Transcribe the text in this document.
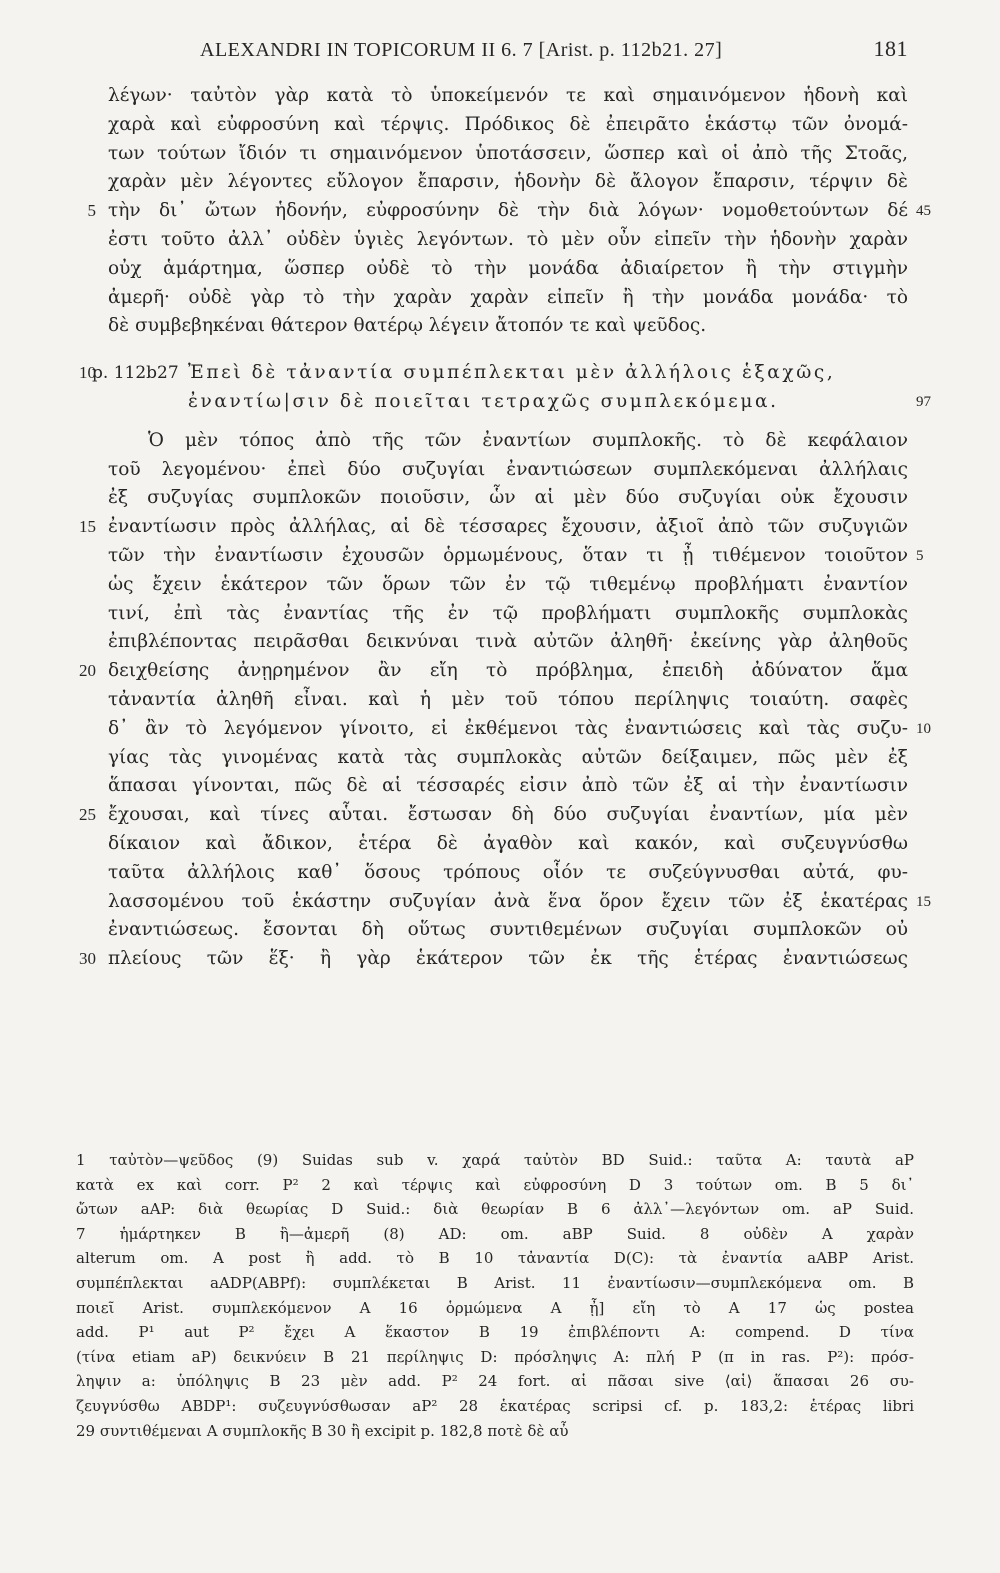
ALEXANDRI IN TOPICORUM II 6. 7 [Arist. p. 112b21. 27]	181
λέγων· ταὐτὸν γὰρ κατὰ τὸ ὑποκείμενόν τε καὶ σημαινόμενον ἡδονὴ καὶ
χαρὰ καὶ εὐφροσύνη καὶ τέρψις. Πρόδικος δὲ ἐπειρᾶτο ἑκάστῳ τῶν ὀνομά-
των τούτων ἴδιόν τι σημαινόμενον ὑποτάσσειν, ὥσπερ καὶ οἱ ἀπὸ τῆς Στοᾶς,
χαρὰν μὲν λέγοντες εὔλογον ἔπαρσιν, ἡδονὴν δὲ ἄλογον ἔπαρσιν, τέρψιν δὲ
5 τὴν δι᾽ ὤτων ἡδονήν, εὐφροσύνην δὲ τὴν διὰ λόγων· νομοθετούντων δέ 45
ἐστι τοῦτο ἀλλ᾽ οὐδὲν ὑγιὲς λεγόντων. τὸ μὲν οὖν εἰπεῖν τὴν ἡδονὴν χαρὰν
οὐχ ἁμάρτημα, ὥσπερ οὐδὲ τὸ τὴν μονάδα ἀδιαίρετον ἢ τὴν στιγμὴν
ἀμερῆ· οὐδὲ γὰρ τὸ τὴν χαρὰν χαρὰν εἰπεῖν ἢ τὴν μονάδα μονάδα· τὸ
δὲ συμβεβηκέναι θάτερον θατέρῳ λέγειν ἄτοπόν τε καὶ ψεῦδος.
10
p. 112b27 Ἐπεὶ δὲ τἀναντία συμπέπλεκται μὲν ἀλλήλοις ἑξαχῶς,
ἐναντίω|σιν δὲ ποιεῖται τετραχῶς συμπλεκόμεμα.	97
Ὁ μὲν τόπος ἀπὸ τῆς τῶν ἐναντίων συμπλοκῆς. τὸ δὲ κεφάλαιον
τοῦ λεγομένου· ἐπεὶ δύο συζυγίαι ἐναντιώσεων συμπλεκόμεναι ἀλλήλαις
ἐξ συζυγίας συμπλοκῶν ποιοῦσιν, ὧν αἱ μὲν δύο συζυγίαι οὐκ ἔχουσιν
15 ἐναντίωσιν πρὸς ἀλλήλας, αἱ δὲ τέσσαρες ἔχουσιν, ἀξιοῖ ἀπὸ τῶν συζυγιῶν
τῶν τὴν ἐναντίωσιν ἐχουσῶν ὁρμωμένους, ὅταν τι ᾖ τιθέμενον τοιοῦτον 5
ὡς ἔχειν ἑκάτερον τῶν ὅρων τῶν ἐν τῷ τιθεμένῳ προβλήματι ἐναντίον
τινί, ἐπὶ τὰς ἐναντίας τῆς ἐν τῷ προβλήματι συμπλοκῆς συμπλοκὰς
ἐπιβλέποντας πειρᾶσθαι δεικνύναι τινὰ αὐτῶν ἀληθῆ· ἐκείνης γὰρ ἀληθοῦς
20 δειχθείσης ἀνῃρημένον ἂν εἴη τὸ πρόβλημα, ἐπειδὴ ἀδύνατον ἅμα
τἀναντία ἀληθῆ εἶναι. καὶ ἡ μὲν τοῦ τόπου περίληψις τοιαύτη. σαφὲς
δ᾽ ἂν τὸ λεγόμενον γίνοιτο, εἰ ἐκθέμενοι τὰς ἐναντιώσεις καὶ τὰς συζυ- 10
γίας τὰς γινομένας κατὰ τὰς συμπλοκὰς αὐτῶν δείξαιμεν, πῶς μὲν ἐξ
ἅπασαι γίνονται, πῶς δὲ αἱ τέσσαρές εἰσιν ἀπὸ τῶν ἐξ αἱ τὴν ἐναντίωσιν
25 ἔχουσαι, καὶ τίνες αὗται. ἔστωσαν δὴ δύο συζυγίαι ἐναντίων, μία μὲν
δίκαιον καὶ ἄδικον, ἑτέρα δὲ ἀγαθὸν καὶ κακόν, καὶ συζευγνύσθω
ταῦτα ἀλλήλοις καθ᾽ ὅσους τρόπους οἷόν τε συζεύγνυσθαι αὐτά, φυ-
λασσομένου τοῦ ἑκάστην συζυγίαν ἀνὰ ἕνα ὅρον ἔχειν τῶν ἐξ ἑκατέρας 15
ἐναντιώσεως. ἔσονται δὴ οὕτως συντιθεμένων συζυγίαι συμπλοκῶν οὐ
30 πλείους τῶν ἕξ· ἢ γὰρ ἑκάτερον τῶν ἐκ τῆς ἑτέρας ἐναντιώσεως
1 ταὐτὸν—ψεῦδος (9) Suidas sub v. χαρά ταὐτὸν BD Suid.: ταῦτα A: ταυτὰ aP
κατὰ ex καὶ corr. P² 2 καὶ τέρψις καὶ εὐφροσύνη D 3 τούτων om. B 5 δι᾽
ὤτων aAP: διὰ θεωρίας D Suid.: διὰ θεωρίαν B 6 ἀλλ᾽—λεγόντων om. aP Suid.
7 ἡμάρτηκεν B ἢ—ἀμερῆ (8) AD: om. aBP Suid. 8 οὐδὲν A χαρὰν
alterum om. A post ἢ add. τὸ B 10 τἀναντία D(C): τὰ ἐναντία aABP Arist.
συμπέπλεκται aADP(ABPf): συμπλέκεται B Arist. 11 ἐναντίωσιν—συμπλεκόμενα om. B
ποιεῖ Arist. συμπλεκόμενον A 16 ὁρμώμενα A ᾖ] εἴη τὸ A 17 ὡς postea
add. P¹ aut P² ἔχει A ἕκαστον B 19 ἐπιβλέποντι A: compend. D τίνα
(τίνα etiam aP) δεικνύειν B 21 περίληψις D: πρόσληψις A: πλή P (π in ras. P²): πρόσ-
ληψιν a: ὑπόληψις B 23 μὲν add. P² 24 fort. αἱ πᾶσαι sive ⟨αἱ⟩ ἅπασαι 26 συ-
ζευγνύσθω ABDP¹: συζευγνύσθωσαν aP² 28 ἑκατέρας scripsi cf. p. 183,2: ἑτέρας libri
29 συντιθέμεναι A συμπλοκῆς B 30 ἢ excipit p. 182,8 ποτὲ δὲ αὖ
